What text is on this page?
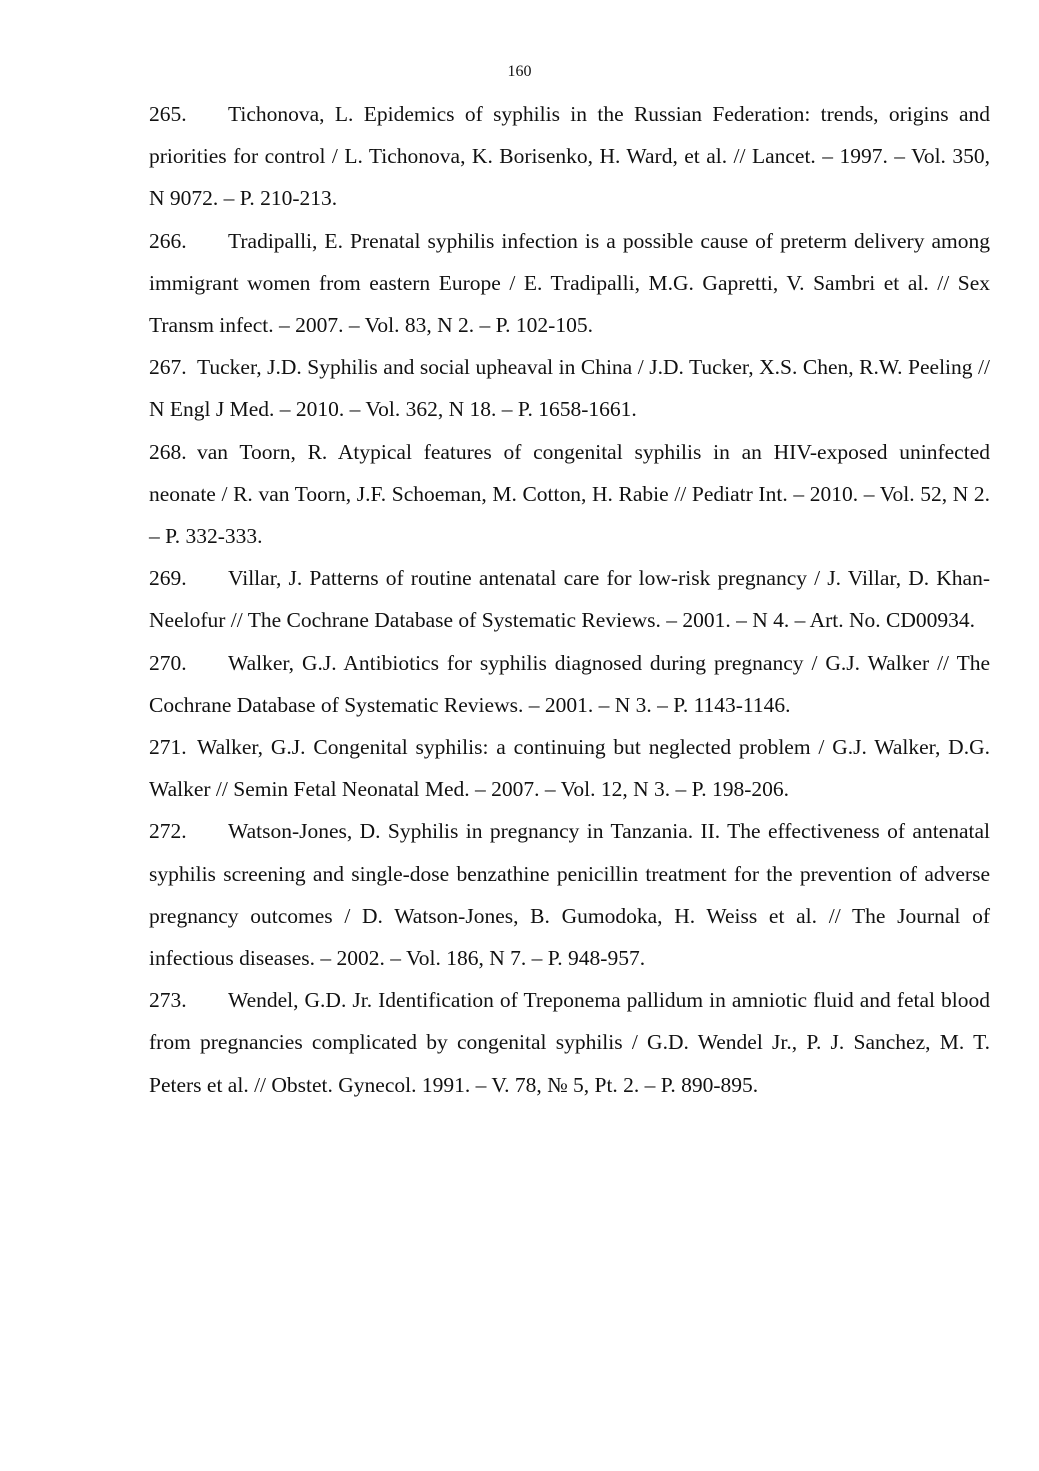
160

265. Tichonova, L. Epidemics of syphilis in the Russian Federation: trends, origins and priorities for control / L. Tichonova, K. Borisenko, H. Ward, et al. // Lancet. – 1997. – Vol. 350, N 9072. – P. 210-213.

266. Tradipalli, E. Prenatal syphilis infection is a possible cause of preterm delivery among immigrant women from eastern Europe / E. Tradipalli, M.G. Gapretti, V. Sambri et al. // Sex Transm infect. – 2007. – Vol. 83, N 2. – P. 102-105.

267. Tucker, J.D. Syphilis and social upheaval in China / J.D. Tucker, X.S. Chen, R.W. Peeling // N Engl J Med. – 2010. – Vol. 362, N 18. – P. 1658-1661.

268. van Toorn, R. Atypical features of congenital syphilis in an HIV-exposed uninfected neonate / R. van Toorn, J.F. Schoeman, M. Cotton, H. Rabie // Pediatr Int. – 2010. – Vol. 52, N 2. – P. 332-333.

269. Villar, J. Patterns of routine antenatal care for low-risk pregnancy / J. Villar, D. Khan-Neelofur // The Cochrane Database of Systematic Reviews. – 2001. – N 4. – Art. No. CD00934.

270. Walker, G.J. Antibiotics for syphilis diagnosed during pregnancy / G.J. Walker // The Cochrane Database of Systematic Reviews. – 2001. – N 3. – P. 1143-1146.

271. Walker, G.J. Congenital syphilis: a continuing but neglected problem / G.J. Walker, D.G. Walker // Semin Fetal Neonatal Med. – 2007. – Vol. 12, N 3. – P. 198-206.

272. Watson-Jones, D. Syphilis in pregnancy in Tanzania. II. The effectiveness of antenatal syphilis screening and single-dose benzathine penicillin treatment for the prevention of adverse pregnancy outcomes / D. Watson-Jones, B. Gumodoka, H. Weiss et al. // The Journal of infectious diseases. – 2002. – Vol. 186, N 7. – P. 948-957.

273. Wendel, G.D. Jr. Identification of Treponema pallidum in amniotic fluid and fetal blood from pregnancies complicated by congenital syphilis / G.D. Wendel Jr., P. J. Sanchez, M. T. Peters et al. // Obstet. Gynecol. 1991. – V. 78, № 5, Pt. 2. – P. 890-895.
